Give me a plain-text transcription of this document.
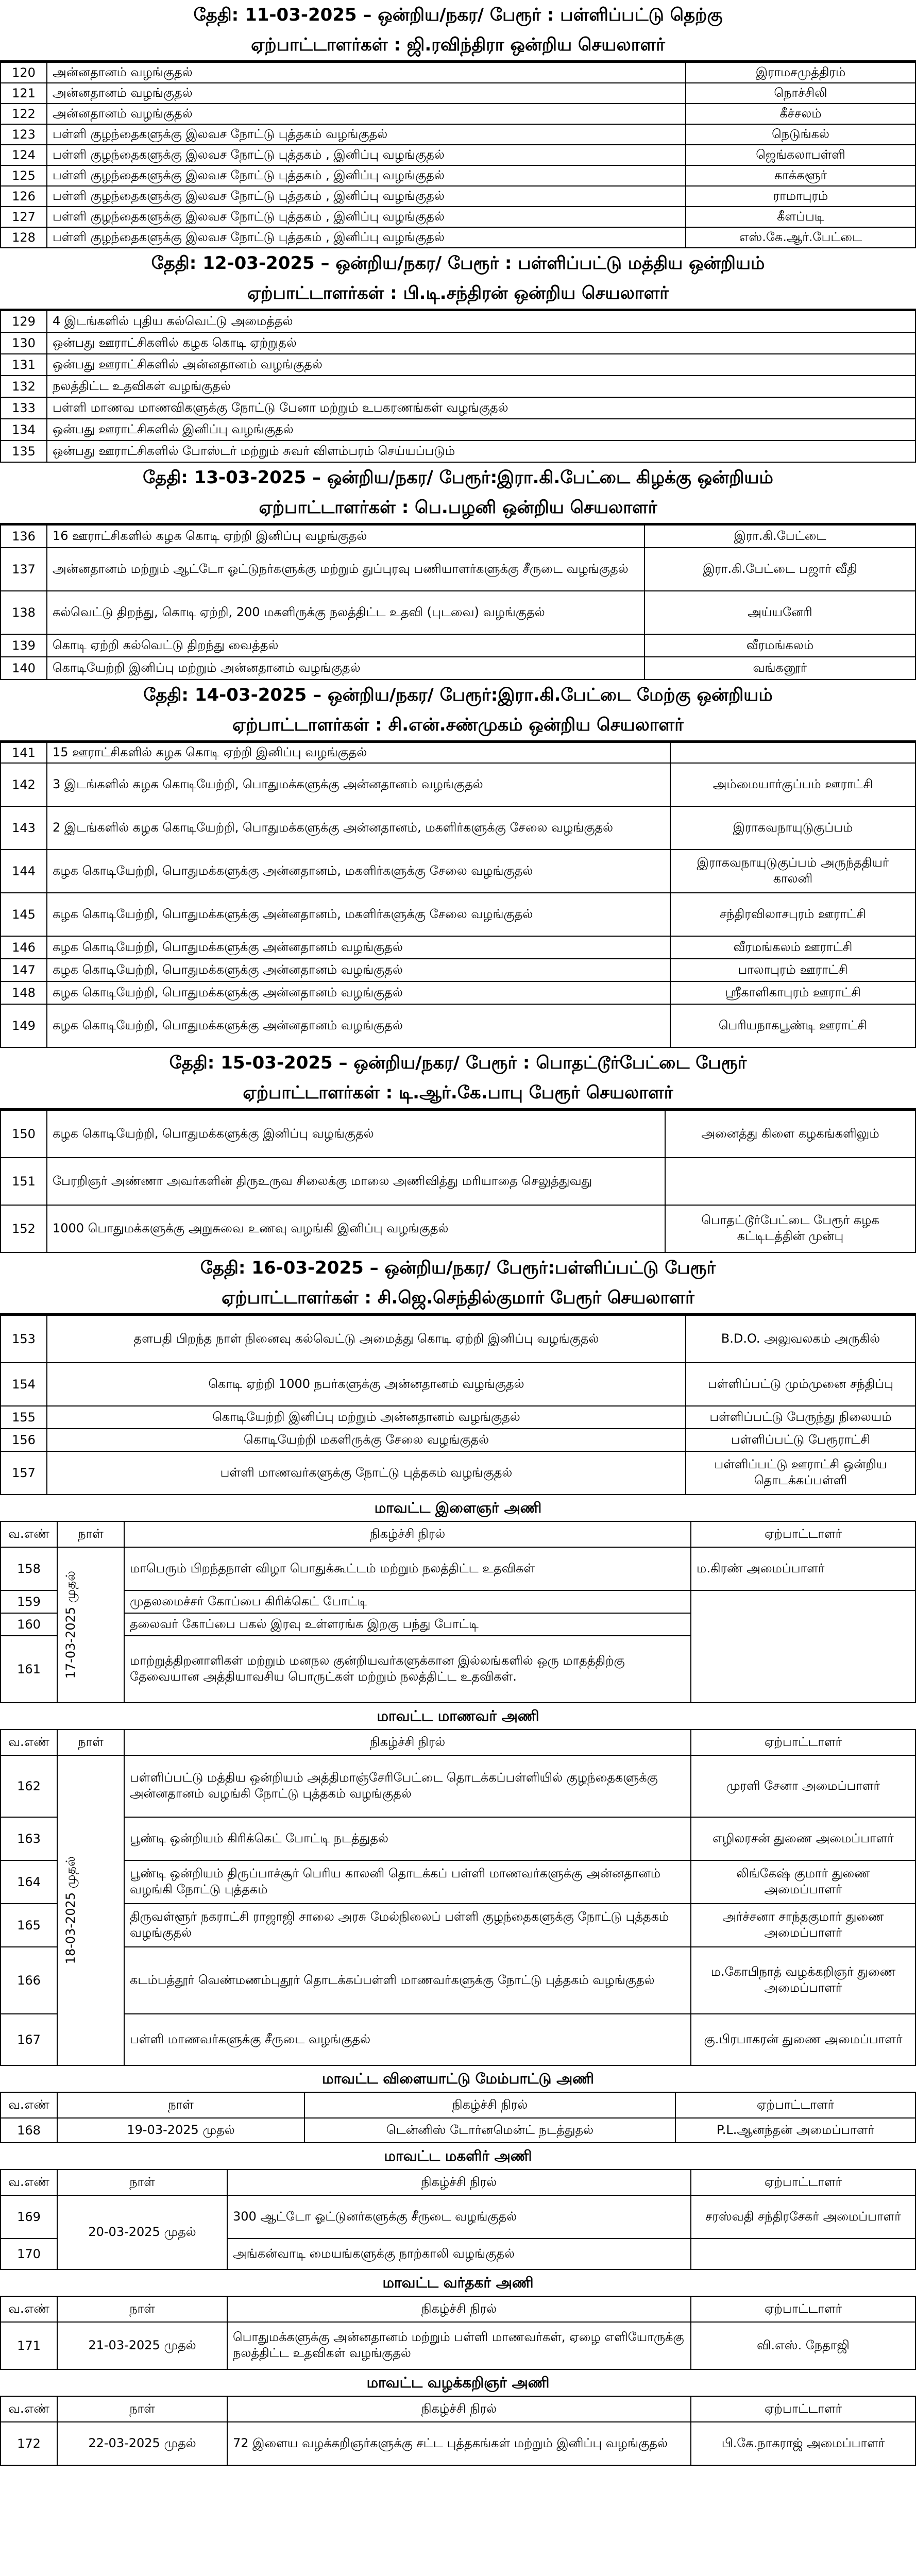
தேதி: 11-03-2025 – ஒன்றிய/நகர/ பேரூர் : பள்ளிப்பட்டு தெற்கு
ஏற்பாட்டாளர்கள் : ஜி.ரவிந்திரா ஒன்றிய செயலாளர்
120	அன்னதானம் வழங்குதல்	இராமசமுத்திரம்
121	அன்னதானம் வழங்குதல்	நொச்சிலி
122	அன்னதானம் வழங்குதல்	கீச்சலம்
123	பள்ளி குழந்தைகளுக்கு இலவச நோட்டு புத்தகம் வழங்குதல்	நெடுங்கல்
124	பள்ளி குழந்தைகளுக்கு இலவச நோட்டு புத்தகம் , இனிப்பு வழங்குதல்	ஜெங்கலாபள்ளி
125	பள்ளி குழந்தைகளுக்கு இலவச நோட்டு புத்தகம் , இனிப்பு வழங்குதல்	காக்களூர்
126	பள்ளி குழந்தைகளுக்கு இலவச நோட்டு புத்தகம் , இனிப்பு வழங்குதல்	ராமாபுரம்
127	பள்ளி குழந்தைகளுக்கு இலவச நோட்டு புத்தகம் , இனிப்பு வழங்குதல்	கீளப்படி
128	பள்ளி குழந்தைகளுக்கு இலவச நோட்டு புத்தகம் , இனிப்பு வழங்குதல்	எஸ்.கே.ஆர்.பேட்டை
தேதி: 12-03-2025 – ஒன்றிய/நகர/ பேரூர் : பள்ளிப்பட்டு மத்திய ஒன்றியம்
ஏற்பாட்டாளர்கள் : பி.டி.சந்திரன் ஒன்றிய செயலாளர்
129	4 இடங்களில் புதிய கல்வெட்டு அமைத்தல்
130	ஒன்பது ஊராட்சிகளில் கழக கொடி ஏற்றுதல்
131	ஒன்பது ஊராட்சிகளில் அன்னதானம் வழங்குதல்
132	நலத்திட்ட உதவிகள் வழங்குதல்
133	பள்ளி மாணவ மாணவிகளுக்கு நோட்டு பேனா மற்றும் உபகரணங்கள் வழங்குதல்
134	ஒன்பது ஊராட்சிகளில் இனிப்பு வழங்குதல்
135	ஒன்பது ஊராட்சிகளில் போஸ்டர் மற்றும் சுவர் விளம்பரம் செய்யப்படும்
தேதி: 13-03-2025 – ஒன்றிய/நகர/ பேரூர்:இரா.கி.பேட்டை கிழக்கு ஒன்றியம்
ஏற்பாட்டாளர்கள் : பெ.பழனி ஒன்றிய செயலாளர்
136	16 ஊராட்சிகளில் கழக கொடி ஏற்றி இனிப்பு வழங்குதல்	இரா.கி.பேட்டை
137	அன்னதானம் மற்றும் ஆட்டோ ஓட்டுநர்களுக்கு மற்றும் துப்புரவு பணியாளர்களுக்கு சீருடை வழங்குதல்	இரா.கி.பேட்டை பஜார் வீதி
138	கல்வெட்டு திறந்து, கொடி ஏற்றி, 200 மகளிருக்கு நலத்திட்ட உதவி (புடவை) வழங்குதல்	அய்யனேரி
139	கொடி ஏற்றி கல்வெட்டு திறந்து வைத்தல்	வீரமங்கலம்
140	கொடியேற்றி இனிப்பு மற்றும் அன்னதானம் வழங்குதல்	வங்கனூர்
தேதி: 14-03-2025 – ஒன்றிய/நகர/ பேரூர்:இரா.கி.பேட்டை மேற்கு ஒன்றியம்
ஏற்பாட்டாளர்கள் : சி.என்.சண்முகம் ஒன்றிய செயலாளர்
141	15 ஊராட்சிகளில் கழக கொடி ஏற்றி இனிப்பு வழங்குதல்	
142	3 இடங்களில் கழக கொடியேற்றி, பொதுமக்களுக்கு அன்னதானம் வழங்குதல்	அம்மையார்குப்பம் ஊராட்சி
143	2 இடங்களில் கழக கொடியேற்றி, பொதுமக்களுக்கு அன்னதானம், மகளிர்களுக்கு சேலை வழங்குதல்	இராகவநாயுடுகுப்பம்
144	கழக கொடியேற்றி, பொதுமக்களுக்கு அன்னதானம், மகளிர்களுக்கு சேலை வழங்குதல்	இராகவநாயுடுகுப்பம் அருந்ததியர் காலனி
145	கழக கொடியேற்றி, பொதுமக்களுக்கு அன்னதானம், மகளிர்களுக்கு சேலை வழங்குதல்	சந்திரவிலாசபுரம் ஊராட்சி
146	கழக கொடியேற்றி, பொதுமக்களுக்கு அன்னதானம் வழங்குதல்	வீரமங்கலம் ஊராட்சி
147	கழக கொடியேற்றி, பொதுமக்களுக்கு அன்னதானம் வழங்குதல்	பாலாபுரம் ஊராட்சி
148	கழக கொடியேற்றி, பொதுமக்களுக்கு அன்னதானம் வழங்குதல்	ஸ்ரீகாளிகாபுரம் ஊராட்சி
149	கழக கொடியேற்றி, பொதுமக்களுக்கு அன்னதானம் வழங்குதல்	பெரியநாகபூண்டி ஊராட்சி
தேதி: 15-03-2025 – ஒன்றிய/நகர/ பேரூர் : பொதட்டூர்பேட்டை பேரூர்
ஏற்பாட்டாளர்கள் : டி.ஆர்.கே.பாபு பேரூர் செயலாளர்
150	கழக கொடியேற்றி, பொதுமக்களுக்கு இனிப்பு வழங்குதல்	அனைத்து கிளை கழகங்களிலும்
151	பேரறிஞர் அண்ணா அவர்களின் திருஉருவ சிலைக்கு மாலை அணிவித்து மரியாதை செலுத்துவது	
152	1000 பொதுமக்களுக்கு அறுசுவை உணவு வழங்கி இனிப்பு வழங்குதல்	பொதட்டூர்பேட்டை பேரூர் கழக கட்டிடத்தின் முன்பு
தேதி: 16-03-2025 – ஒன்றிய/நகர/ பேரூர்:பள்ளிப்பட்டு பேரூர்
ஏற்பாட்டாளர்கள் : சி.ஜெ.செந்தில்குமார் பேரூர் செயலாளர்
153	தளபதி பிறந்த நாள் நினைவு கல்வெட்டு அமைத்து கொடி ஏற்றி இனிப்பு வழங்குதல்	B.D.O. அலுவலகம் அருகில்
154	கொடி ஏற்றி 1000 நபர்களுக்கு அன்னதானம் வழங்குதல்	பள்ளிப்பட்டு மும்முனை சந்திப்பு
155	கொடியேற்றி இனிப்பு மற்றும் அன்னதானம் வழங்குதல்	பள்ளிப்பட்டு பேருந்து நிலையம்
156	கொடியேற்றி மகளிருக்கு சேலை வழங்குதல்	பள்ளிப்பட்டு பேரூராட்சி
157	பள்ளி மாணவர்களுக்கு நோட்டு புத்தகம் வழங்குதல்	பள்ளிப்பட்டு ஊராட்சி ஒன்றிய தொடக்கப்பள்ளி
மாவட்ட இளைஞர் அணி
வ.எண்	நாள்	நிகழ்ச்சி நிரல்	ஏற்பாட்டாளர்
158	17-03-2025 முதல்	மாபெரும் பிறந்தநாள் விழா பொதுக்கூட்டம் மற்றும் நலத்திட்ட உதவிகள்	ம.கிரண் அமைப்பாளர்
159		முதலமைச்சர் கோப்பை கிரிக்கெட் போட்டி	
160		தலைவர் கோப்பை பகல் இரவு உள்ளரங்க இறகு பந்து போட்டி	
161		மாற்றுத்திறனாளிகள் மற்றும் மனநல குன்றியவர்களுக்கான இல்லங்களில் ஒரு மாதத்திற்கு தேவையான அத்தியாவசிய பொருட்கள் மற்றும் நலத்திட்ட உதவிகள்.	
மாவட்ட மாணவர் அணி
வ.எண்	நாள்	நிகழ்ச்சி நிரல்	ஏற்பாட்டாளர்
162	18-03-2025 முதல்	பள்ளிப்பட்டு மத்திய ஒன்றியம் அத்திமாஞ்சேரிபேட்டை தொடக்கப்பள்ளியில் குழந்தைகளுக்கு அன்னதானம் வழங்கி நோட்டு புத்தகம் வழங்குதல்	முரளி சேனா அமைப்பாளர்
163		பூண்டி ஒன்றியம் கிரிக்கெட் போட்டி நடத்துதல்	எழிலரசன் துணை அமைப்பாளர்
164		பூண்டி ஒன்றியம் திருப்பாச்சூர் பெரிய காலனி தொடக்கப் பள்ளி மாணவர்களுக்கு அன்னதானம் வழங்கி நோட்டு புத்தகம்	லிங்கேஷ் குமார் துணை அமைப்பாளர்
165		திருவள்ளூர் நகராட்சி ராஜாஜி சாலை அரசு மேல்நிலைப் பள்ளி குழந்தைகளுக்கு நோட்டு புத்தகம் வழங்குதல்	அர்ச்சனா சாந்தகுமார் துணை அமைப்பாளர்
166		கடம்பத்தூர் வெண்மணம்புதூர் தொடக்கப்பள்ளி மாணவர்களுக்கு நோட்டு புத்தகம் வழங்குதல்	ம.கோபிநாத் வழக்கறிஞர் துணை அமைப்பாளர்
167		பள்ளி மாணவர்களுக்கு சீருடை வழங்குதல்	கு.பிரபாகரன் துணை அமைப்பாளர்
மாவட்ட விளையாட்டு மேம்பாட்டு அணி
வ.எண்	நாள்	நிகழ்ச்சி நிரல்	ஏற்பாட்டாளர்
168	19-03-2025 முதல்	டென்னிஸ் டோர்னமென்ட் நடத்துதல்	P.L.ஆனந்தன் அமைப்பாளர்
மாவட்ட மகளிர் அணி
வ.எண்	நாள்	நிகழ்ச்சி நிரல்	ஏற்பாட்டாளர்
169	20-03-2025 முதல்	300 ஆட்டோ ஓட்டுனர்களுக்கு சீருடை வழங்குதல்	சரஸ்வதி சந்திரசேகர் அமைப்பாளர்
170		அங்கன்வாடி மையங்களுக்கு நாற்காலி வழங்குதல்	
மாவட்ட வர்தகர் அணி
வ.எண்	நாள்	நிகழ்ச்சி நிரல்	ஏற்பாட்டாளர்
171	21-03-2025 முதல்	பொதுமக்களுக்கு அன்னதானம் மற்றும் பள்ளி மாணவர்கள், ஏழை எளியோருக்கு நலத்திட்ட உதவிகள் வழங்குதல்	வி.எஸ். நேதாஜி
மாவட்ட வழக்கறிஞர் அணி
வ.எண்	நாள்	நிகழ்ச்சி நிரல்	ஏற்பாட்டாளர்
172	22-03-2025 முதல்	72 இளைய வழக்கறிஞர்களுக்கு சட்ட புத்தகங்கள் மற்றும் இனிப்பு வழங்குதல்	பி.கே.நாகராஜ் அமைப்பாளர்
